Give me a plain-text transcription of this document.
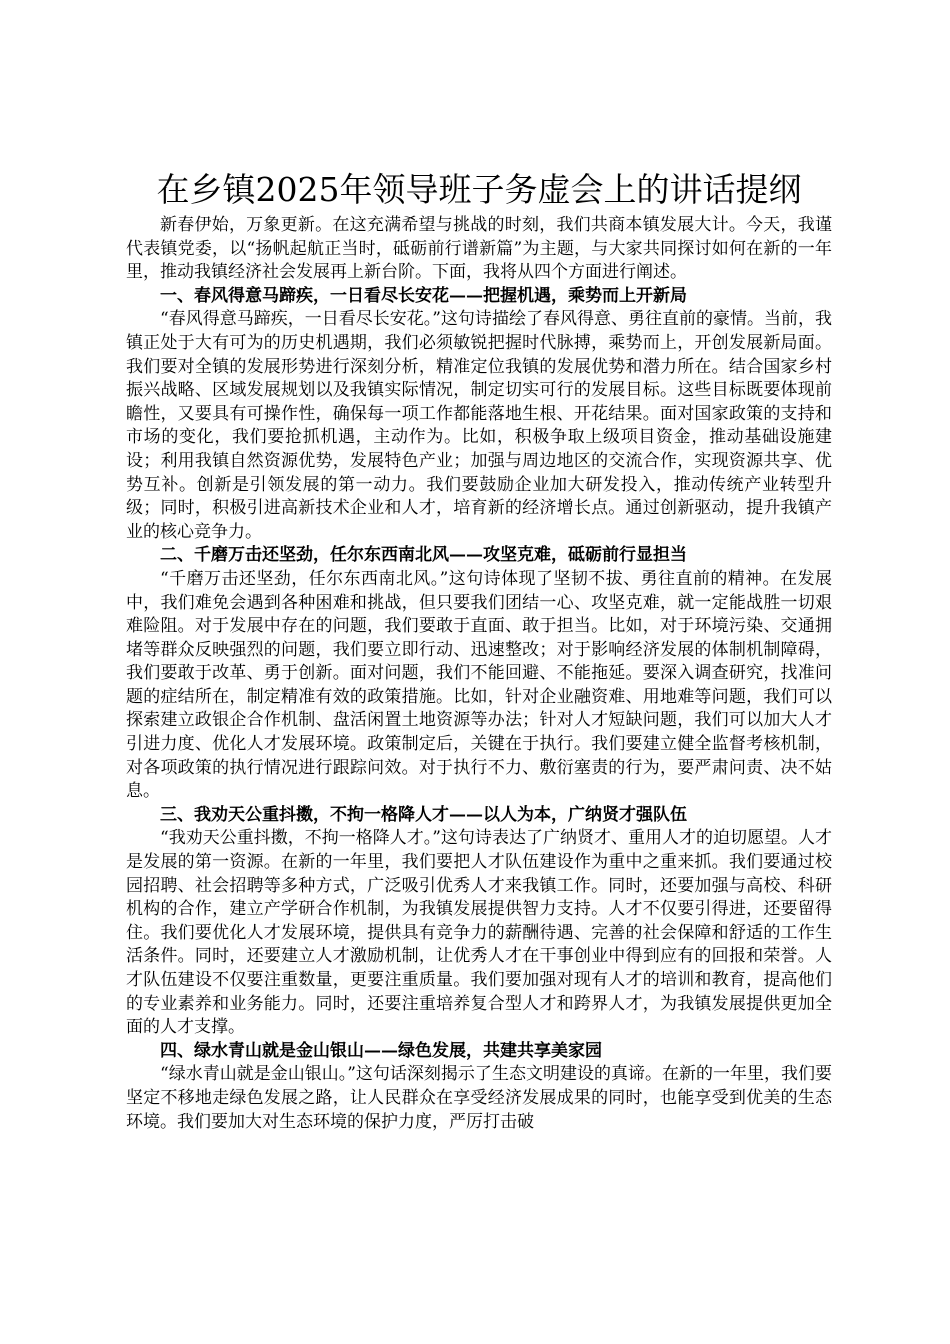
在乡镇2025年领导班子务虚会上的讲话提纲

新春伊始，万象更新。在这充满希望与挑战的时刻，我们共商本镇发展大计。今天，我谨代表镇党委，以“扬帆起航正当时，砥砺前行谱新篇”为主题，与大家共同探讨如何在新的一年里，推动我镇经济社会发展再上新台阶。下面，我将从四个方面进行阐述。

一、春风得意马蹄疾，一日看尽长安花——把握机遇，乘势而上开新局

“春风得意马蹄疾，一日看尽长安花。”这句诗描绘了春风得意、勇往直前的豪情。当前，我镇正处于大有可为的历史机遇期，我们必须敏锐把握时代脉搏，乘势而上，开创发展新局面。我们要对全镇的发展形势进行深刻分析，精准定位我镇的发展优势和潜力所在。结合国家乡村振兴战略、区域发展规划以及我镇实际情况，制定切实可行的发展目标。这些目标既要体现前瞻性，又要具有可操作性，确保每一项工作都能落地生根、开花结果。面对国家政策的支持和市场的变化，我们要抢抓机遇，主动作为。比如，积极争取上级项目资金，推动基础设施建设；利用我镇自然资源优势，发展特色产业；加强与周边地区的交流合作，实现资源共享、优势互补。创新是引领发展的第一动力。我们要鼓励企业加大研发投入，推动传统产业转型升级；同时，积极引进高新技术企业和人才，培育新的经济增长点。通过创新驱动，提升我镇产业的核心竞争力。

二、千磨万击还坚劲，任尔东西南北风——攻坚克难，砥砺前行显担当

“千磨万击还坚劲，任尔东西南北风。”这句诗体现了坚韧不拔、勇往直前的精神。在发展中，我们难免会遇到各种困难和挑战，但只要我们团结一心、攻坚克难，就一定能战胜一切艰难险阻。对于发展中存在的问题，我们要敢于直面、敢于担当。比如，对于环境污染、交通拥堵等群众反映强烈的问题，我们要立即行动、迅速整改；对于影响经济发展的体制机制障碍，我们要敢于改革、勇于创新。面对问题，我们不能回避、不能拖延。要深入调查研究，找准问题的症结所在，制定精准有效的政策措施。比如，针对企业融资难、用地难等问题，我们可以探索建立政银企合作机制、盘活闲置土地资源等办法；针对人才短缺问题，我们可以加大人才引进力度、优化人才发展环境。政策制定后，关键在于执行。我们要建立健全监督考核机制，对各项政策的执行情况进行跟踪问效。对于执行不力、敷衍塞责的行为，要严肃问责、决不姑息。

三、我劝天公重抖擞，不拘一格降人才——以人为本，广纳贤才强队伍

“我劝天公重抖擞，不拘一格降人才。”这句诗表达了广纳贤才、重用人才的迫切愿望。人才是发展的第一资源。在新的一年里，我们要把人才队伍建设作为重中之重来抓。我们要通过校园招聘、社会招聘等多种方式，广泛吸引优秀人才来我镇工作。同时，还要加强与高校、科研机构的合作，建立产学研合作机制，为我镇发展提供智力支持。人才不仅要引得进，还要留得住。我们要优化人才发展环境，提供具有竞争力的薪酬待遇、完善的社会保障和舒适的工作生活条件。同时，还要建立人才激励机制，让优秀人才在干事创业中得到应有的回报和荣誉。人才队伍建设不仅要注重数量，更要注重质量。我们要加强对现有人才的培训和教育，提高他们的专业素养和业务能力。同时，还要注重培养复合型人才和跨界人才，为我镇发展提供更加全面的人才支撑。

四、绿水青山就是金山银山——绿色发展，共建共享美家园

“绿水青山就是金山银山。”这句话深刻揭示了生态文明建设的真谛。在新的一年里，我们要坚定不移地走绿色发展之路，让人民群众在享受经济发展成果的同时，也能享受到优美的生态环境。我们要加大对生态环境的保护力度，严厉打击破
